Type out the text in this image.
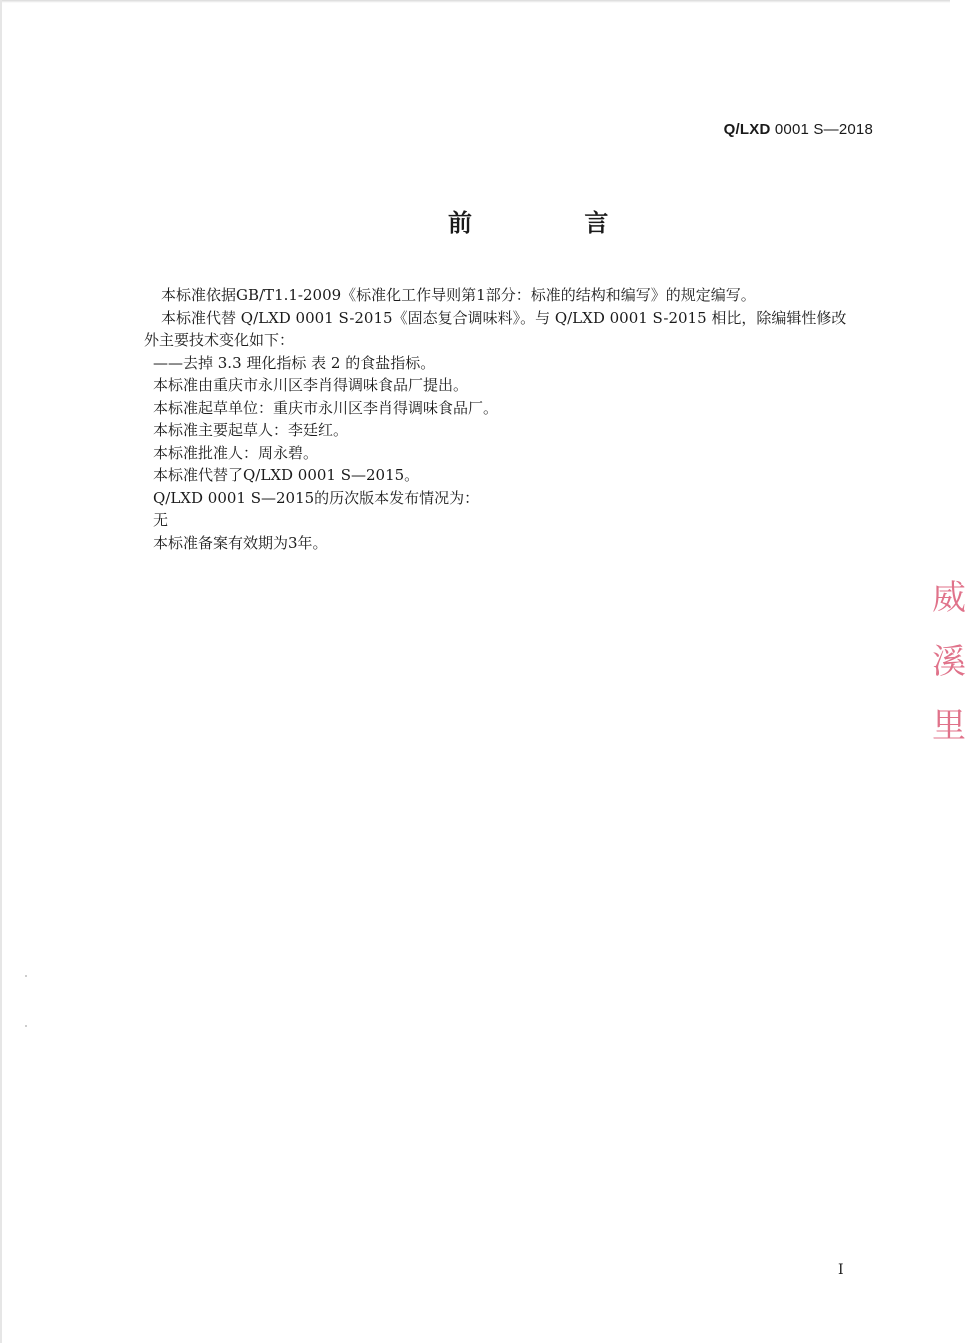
Q/LXD 0001 S—2018
前 言

本标准依据GB/T1.1-2009《标准化工作导则第1部分：标准的结构和编写》的规定编写。

本标准代替 Q/LXD 0001 S-2015《固态复合调味料》。与 Q/LXD 0001 S-2015 相比，除编辑性修改

外主要技术变化如下：

——去掉 3.3 理化指标 表 2 的食盐指标。

本标准由重庆市永川区李肖得调味食品厂提出。

本标准起草单位：重庆市永川区李肖得调味食品厂。

本标准主要起草人：李廷红。

本标准批准人：周永碧。

本标准代替了Q/LXD 0001 S—2015。

Q/LXD 0001 S—2015的历次版本发布情况为：

无

本标准备案有效期为3年。

威
溪
里
I
